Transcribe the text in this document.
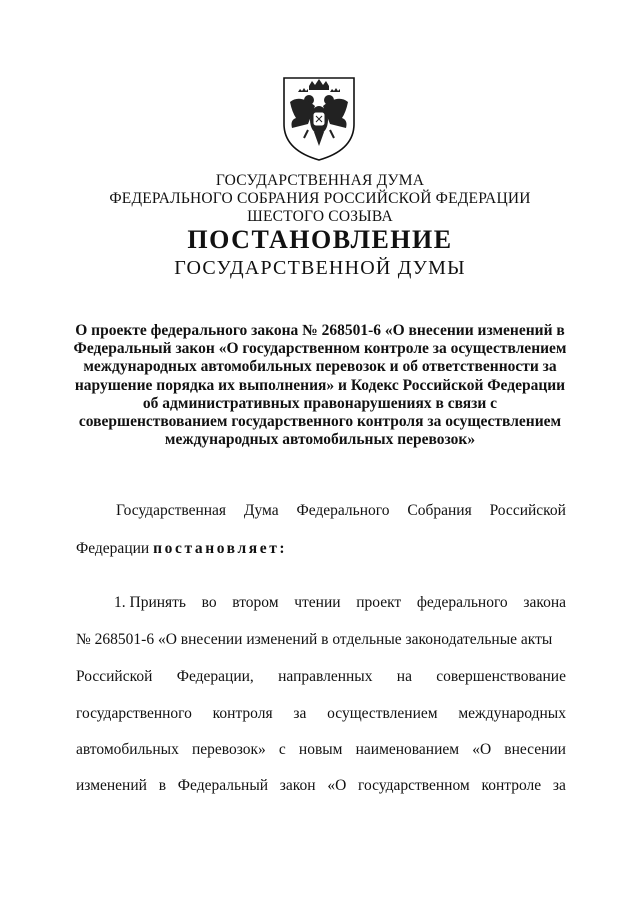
ГОСУДАРСТВЕННАЯ ДУМА
ФЕДЕРАЛЬНОГО СОБРАНИЯ РОССИЙСКОЙ ФЕДЕРАЦИИ
ШЕСТОГО СОЗЫВА
ПОСТАНОВЛЕНИЕ
ГОСУДАРСТВЕННОЙ ДУМЫ
О проекте федерального закона № 268501-6 «О внесении изменений в
Федеральный закон «О государственном контроле за осуществлением
международных автомобильных перевозок и об ответственности за
нарушение порядка их выполнения» и Кодекс Российской Федерации
об административных правонарушениях в связи с
совершенствованием государственного контроля за осуществлением
международных автомобильных перевозок»
Государственная Дума Федерального Собрания Российской
Федерации постановляет:
1. Принять во втором чтении проект федерального закона
№ 268501-6 «О внесении изменений в отдельные законодательные акты
Российской Федерации, направленных на совершенствование
государственного контроля за осуществлением международных
автомобильных перевозок» с новым наименованием «О внесении
изменений в Федеральный закон «О государственном контроле за
